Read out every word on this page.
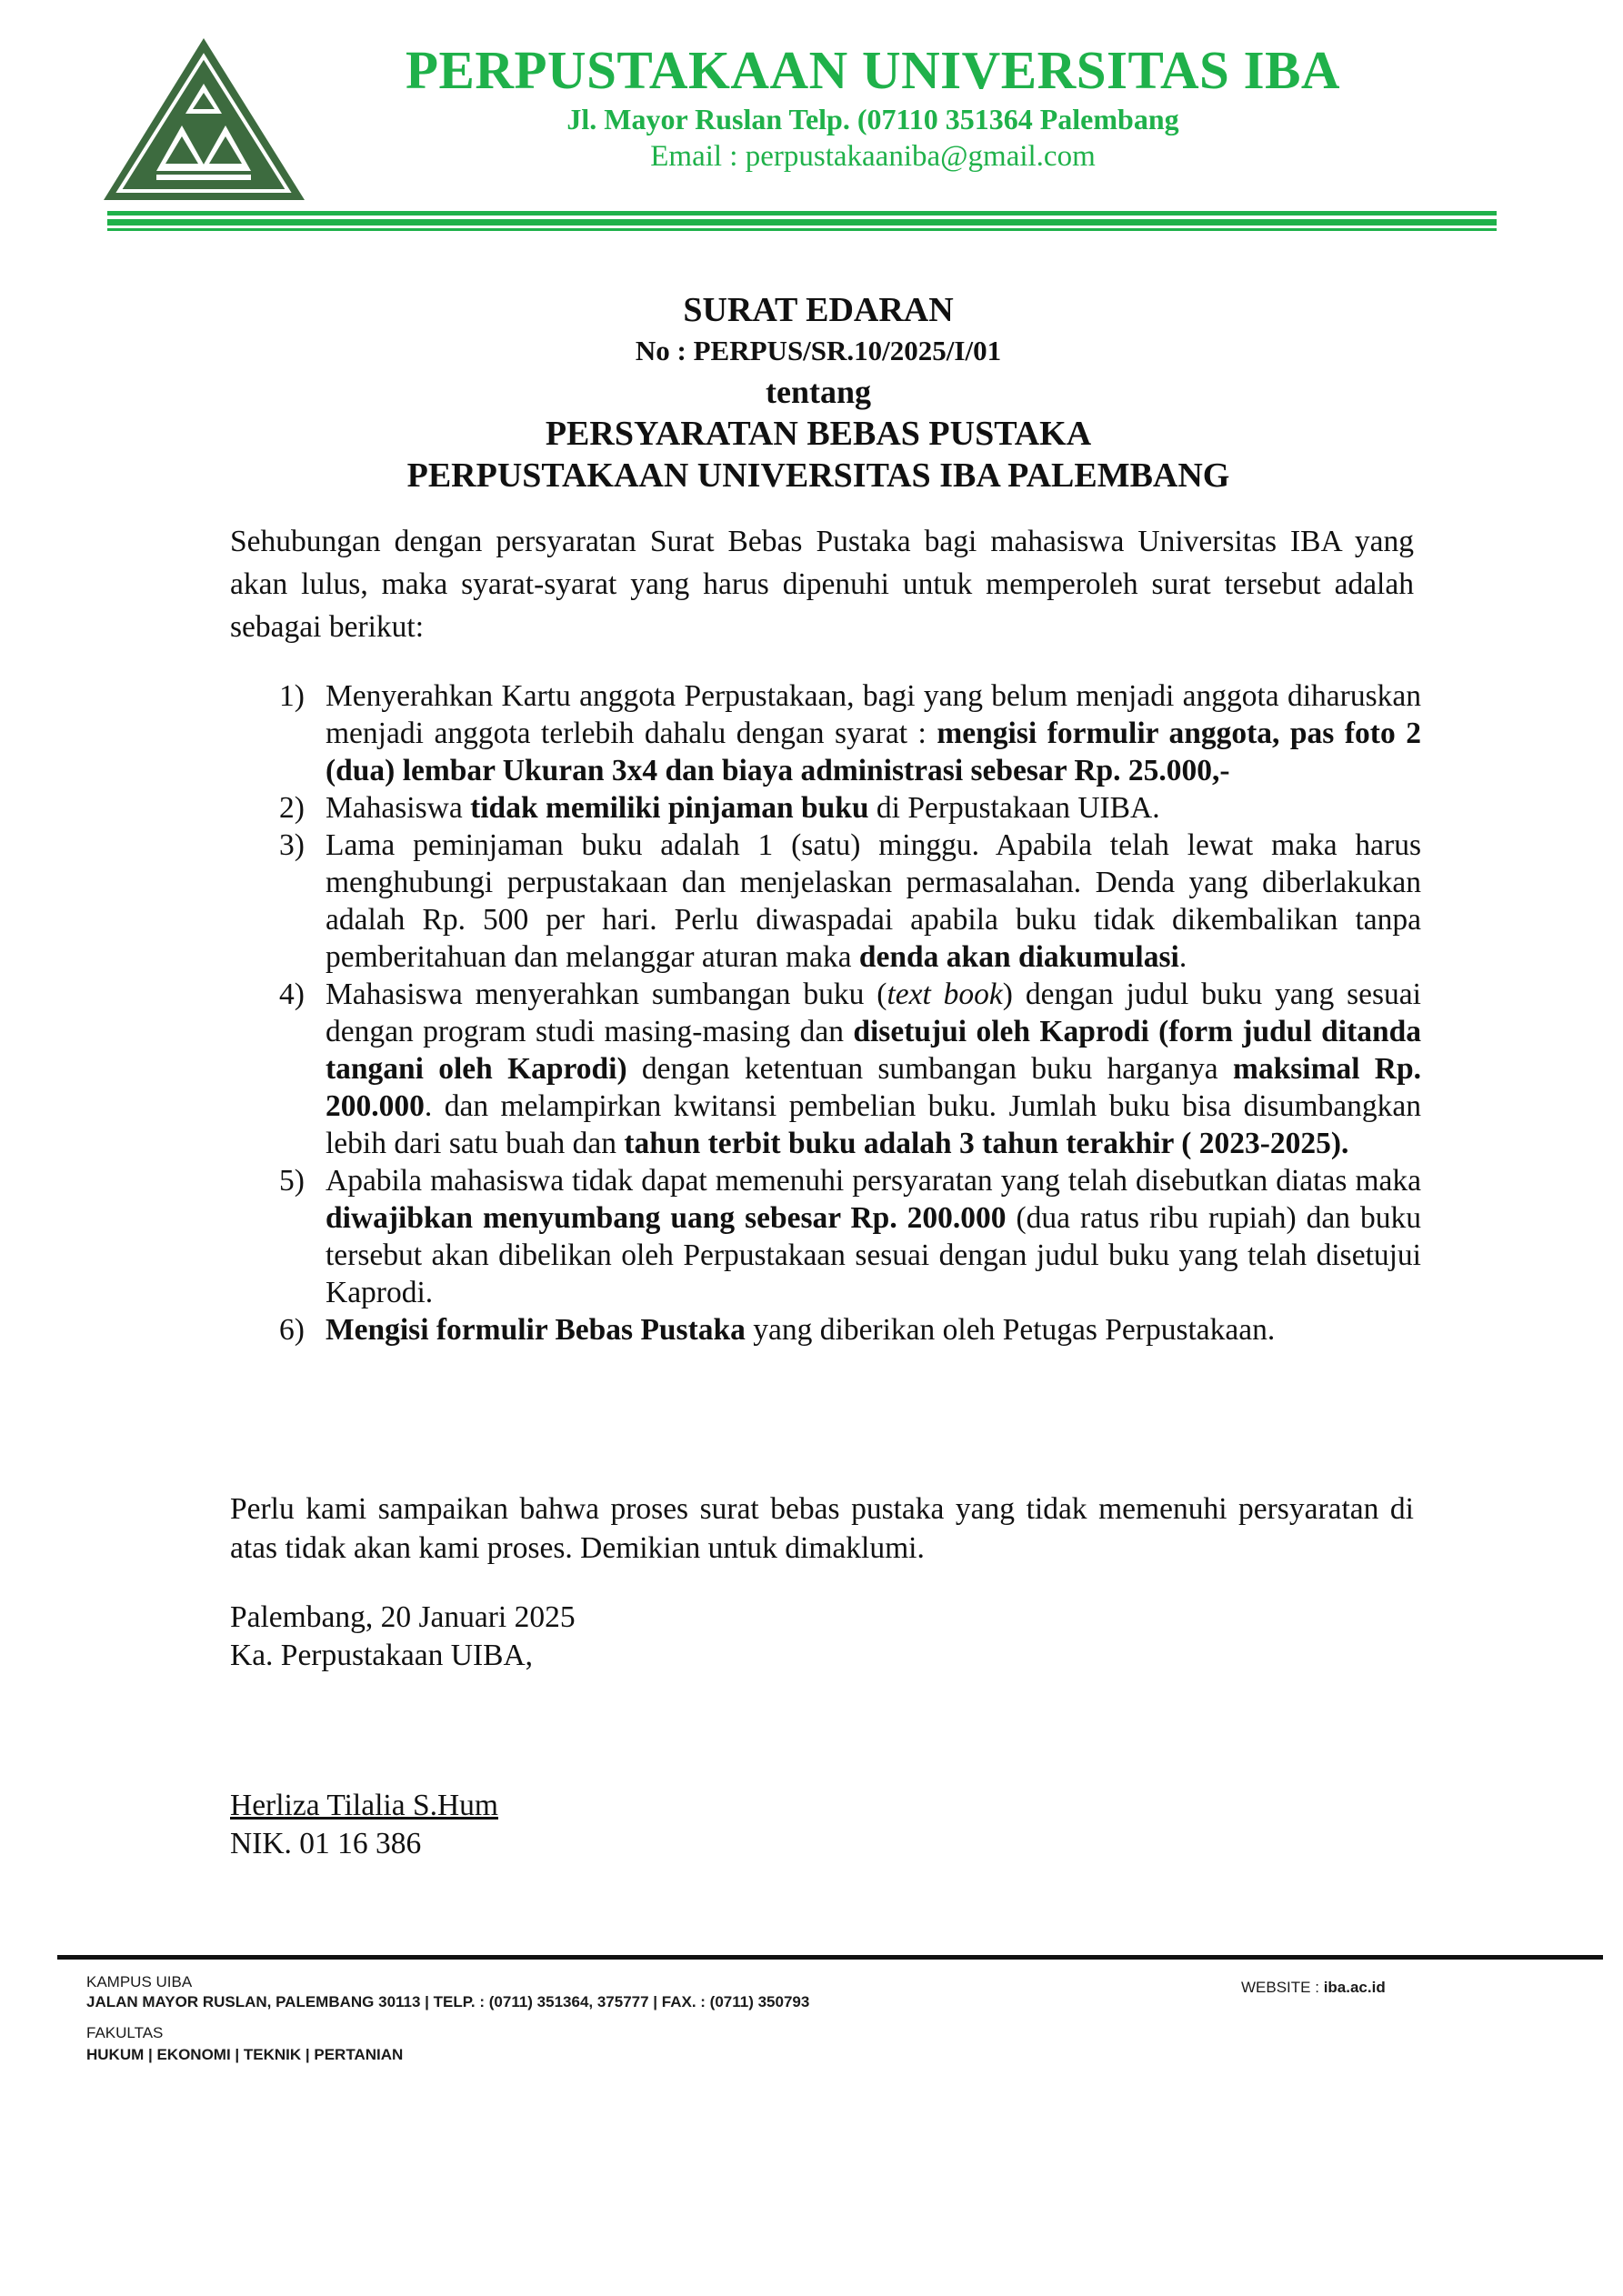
PERPUSTAKAAN UNIVERSITAS IBA
Jl. Mayor Ruslan Telp. (07110 351364 Palembang
Email : perpustakaaniba@gmail.com
SURAT EDARAN
No : PERPUS/SR.10/2025/I/01
tentang
PERSYARATAN BEBAS PUSTAKA
PERPUSTAKAAN UNIVERSITAS IBA PALEMBANG
Sehubungan dengan persyaratan Surat Bebas Pustaka bagi mahasiswa Universitas IBA yang akan lulus, maka syarat-syarat yang harus dipenuhi untuk memperoleh surat tersebut adalah sebagai berikut:
1) Menyerahkan Kartu anggota Perpustakaan, bagi yang belum menjadi anggota diharuskan menjadi anggota terlebih dahalu dengan syarat : mengisi formulir anggota, pas foto 2 (dua) lembar Ukuran 3x4 dan biaya administrasi sebesar Rp. 25.000,-
2) Mahasiswa tidak memiliki pinjaman buku di Perpustakaan UIBA.
3) Lama peminjaman buku adalah 1 (satu) minggu. Apabila telah lewat maka harus menghubungi perpustakaan dan menjelaskan permasalahan. Denda yang diberlakukan adalah Rp. 500 per hari. Perlu diwaspadai apabila buku tidak dikembalikan tanpa pemberitahuan dan melanggar aturan maka denda akan diakumulasi.
4) Mahasiswa menyerahkan sumbangan buku (text book) dengan judul buku yang sesuai dengan program studi masing-masing dan disetujui oleh Kaprodi (form judul ditanda tangani oleh Kaprodi) dengan ketentuan sumbangan buku harganya maksimal Rp. 200.000. dan melampirkan kwitansi pembelian buku. Jumlah buku bisa disumbangkan lebih dari satu buah dan tahun terbit buku adalah 3 tahun terakhir ( 2023-2025).
5) Apabila mahasiswa tidak dapat memenuhi persyaratan yang telah disebutkan diatas maka diwajibkan menyumbang uang sebesar Rp. 200.000 (dua ratus ribu rupiah) dan buku tersebut akan dibelikan oleh Perpustakaan sesuai dengan judul buku yang telah disetujui Kaprodi.
6) Mengisi formulir Bebas Pustaka yang diberikan oleh Petugas Perpustakaan.
Perlu kami sampaikan bahwa proses surat bebas pustaka yang tidak memenuhi persyaratan di atas tidak akan kami proses. Demikian untuk dimaklumi.
Palembang, 20 Januari 2025
Ka. Perpustakaan UIBA,
Herliza Tilalia S.Hum
NIK. 01 16 386
KAMPUS UIBA
JALAN MAYOR RUSLAN, PALEMBANG 30113 | TELP. : (0711) 351364, 375777 | FAX. : (0711) 350793
FAKULTAS
HUKUM | EKONOMI | TEKNIK | PERTANIAN
WEBSITE : iba.ac.id
